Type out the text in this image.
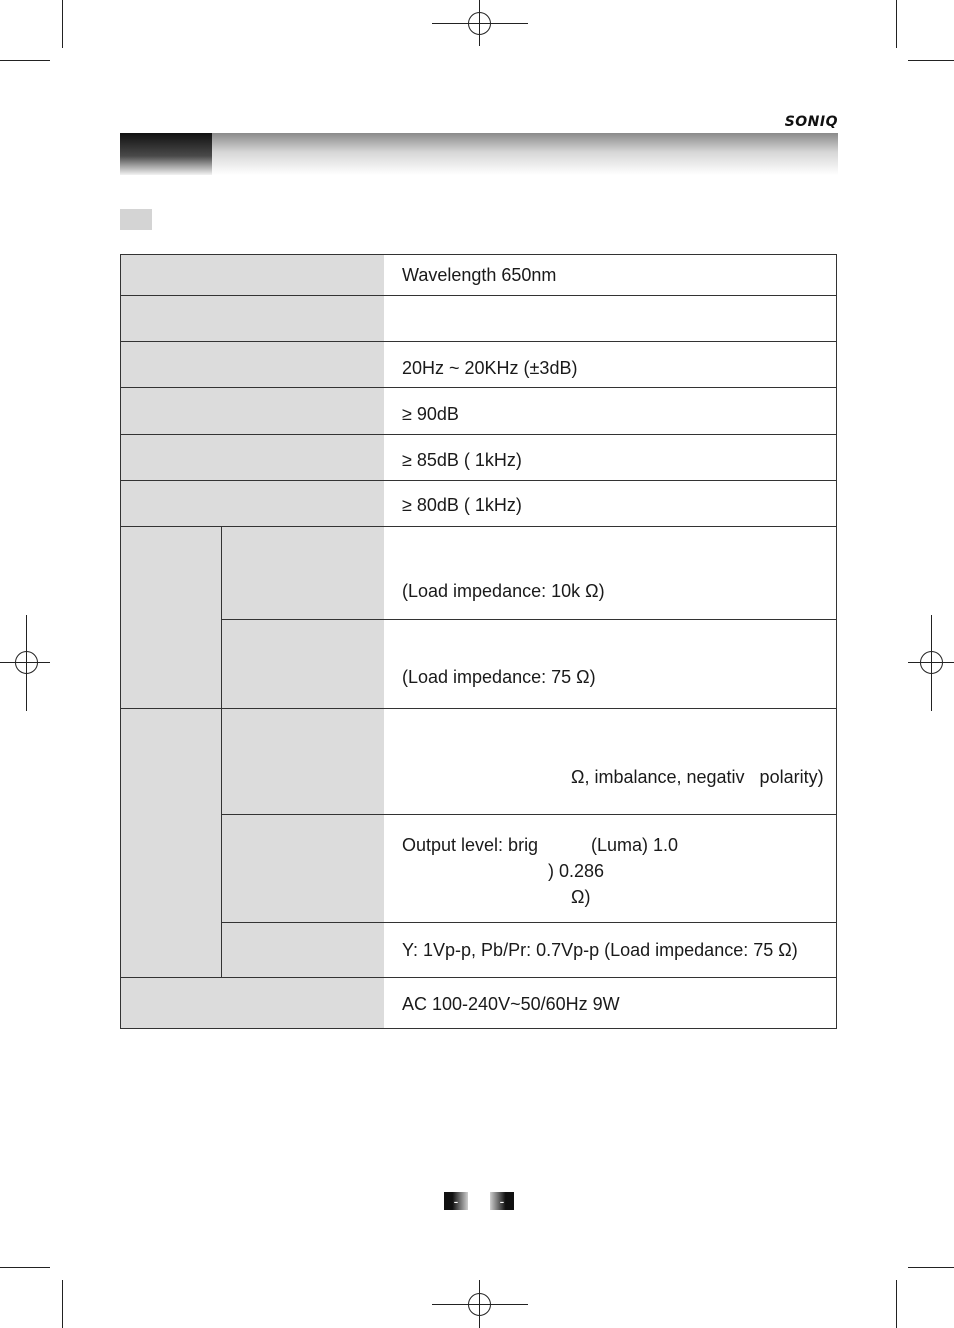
SONIQ
Wavelength 650nm
20Hz ~ 20KHz (±3dB)
≥ 90dB
≥ 85dB ( 1kHz)
≥ 80dB ( 1kHz)
(Load impedance: 10k Ω)
(Load impedance: 75 Ω)
Ω, imbalance, negativ   polarity)
Output level: brig	(Luma) 1.0
) 0.286
Ω)
Y: 1Vp-p, Pb/Pr: 0.7Vp-p (Load impedance: 75 Ω)
AC 100-240V~50/60Hz 9W
-	-
